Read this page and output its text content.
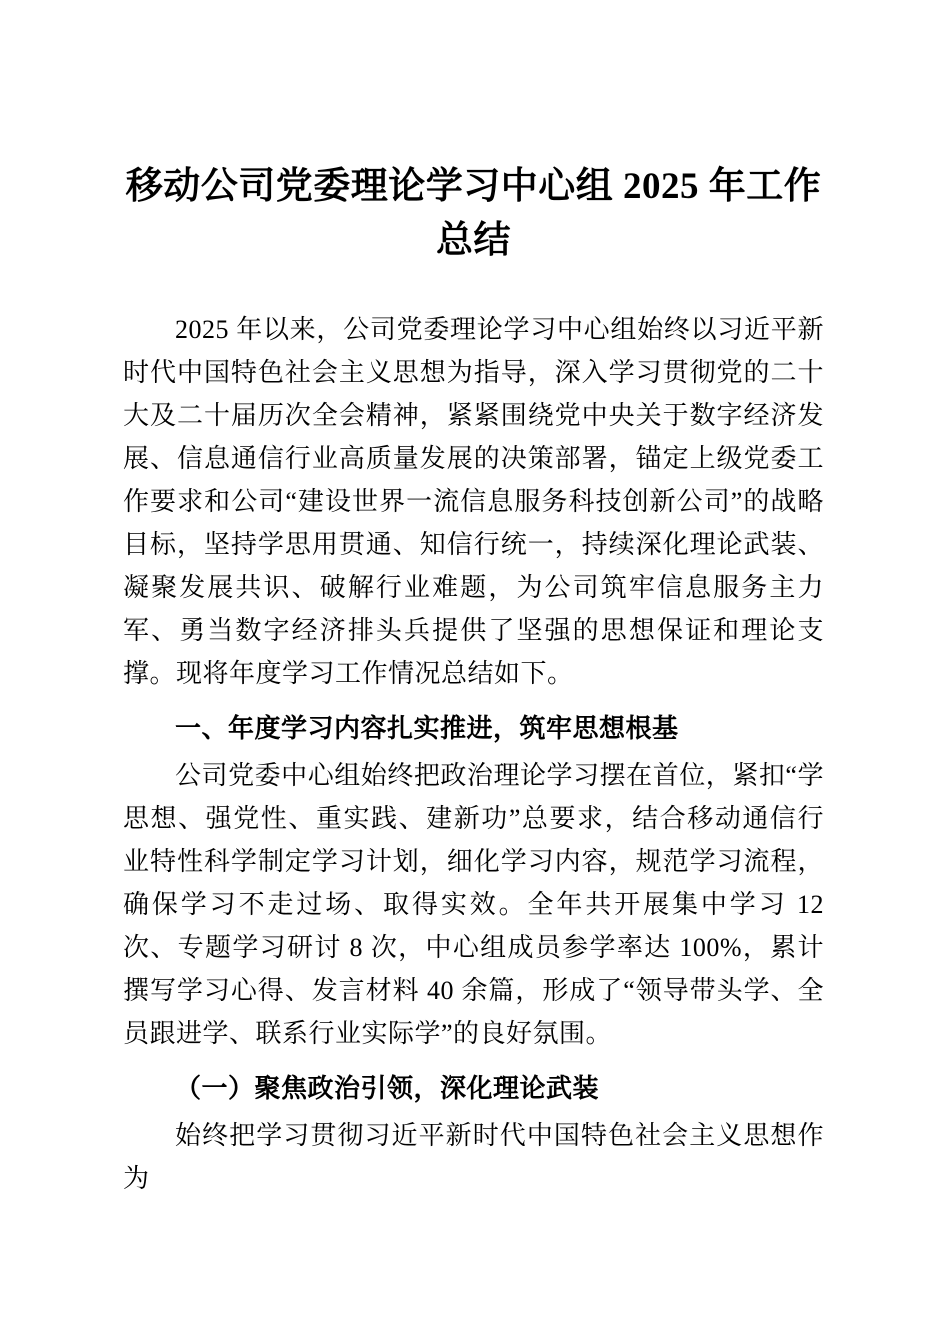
移动公司党委理论学习中心组 2025 年工作总结

2025 年以来，公司党委理论学习中心组始终以习近平新时代中国特色社会主义思想为指导，深入学习贯彻党的二十大及二十届历次全会精神，紧紧围绕党中央关于数字经济发展、信息通信行业高质量发展的决策部署，锚定上级党委工作要求和公司“建设世界一流信息服务科技创新公司”的战略目标，坚持学思用贯通、知信行统一，持续深化理论武装、凝聚发展共识、破解行业难题，为公司筑牢信息服务主力军、勇当数字经济排头兵提供了坚强的思想保证和理论支撑。现将年度学习工作情况总结如下。

一、年度学习内容扎实推进，筑牢思想根基

公司党委中心组始终把政治理论学习摆在首位，紧扣“学思想、强党性、重实践、建新功”总要求，结合移动通信行业特性科学制定学习计划，细化学习内容，规范学习流程，确保学习不走过场、取得实效。全年共开展集中学习 12 次、专题学习研讨 8 次，中心组成员参学率达 100%，累计撰写学习心得、发言材料 40 余篇，形成了“领导带头学、全员跟进学、联系行业实际学”的良好氛围。

（一）聚焦政治引领，深化理论武装

始终把学习贯彻习近平新时代中国特色社会主义思想作为
